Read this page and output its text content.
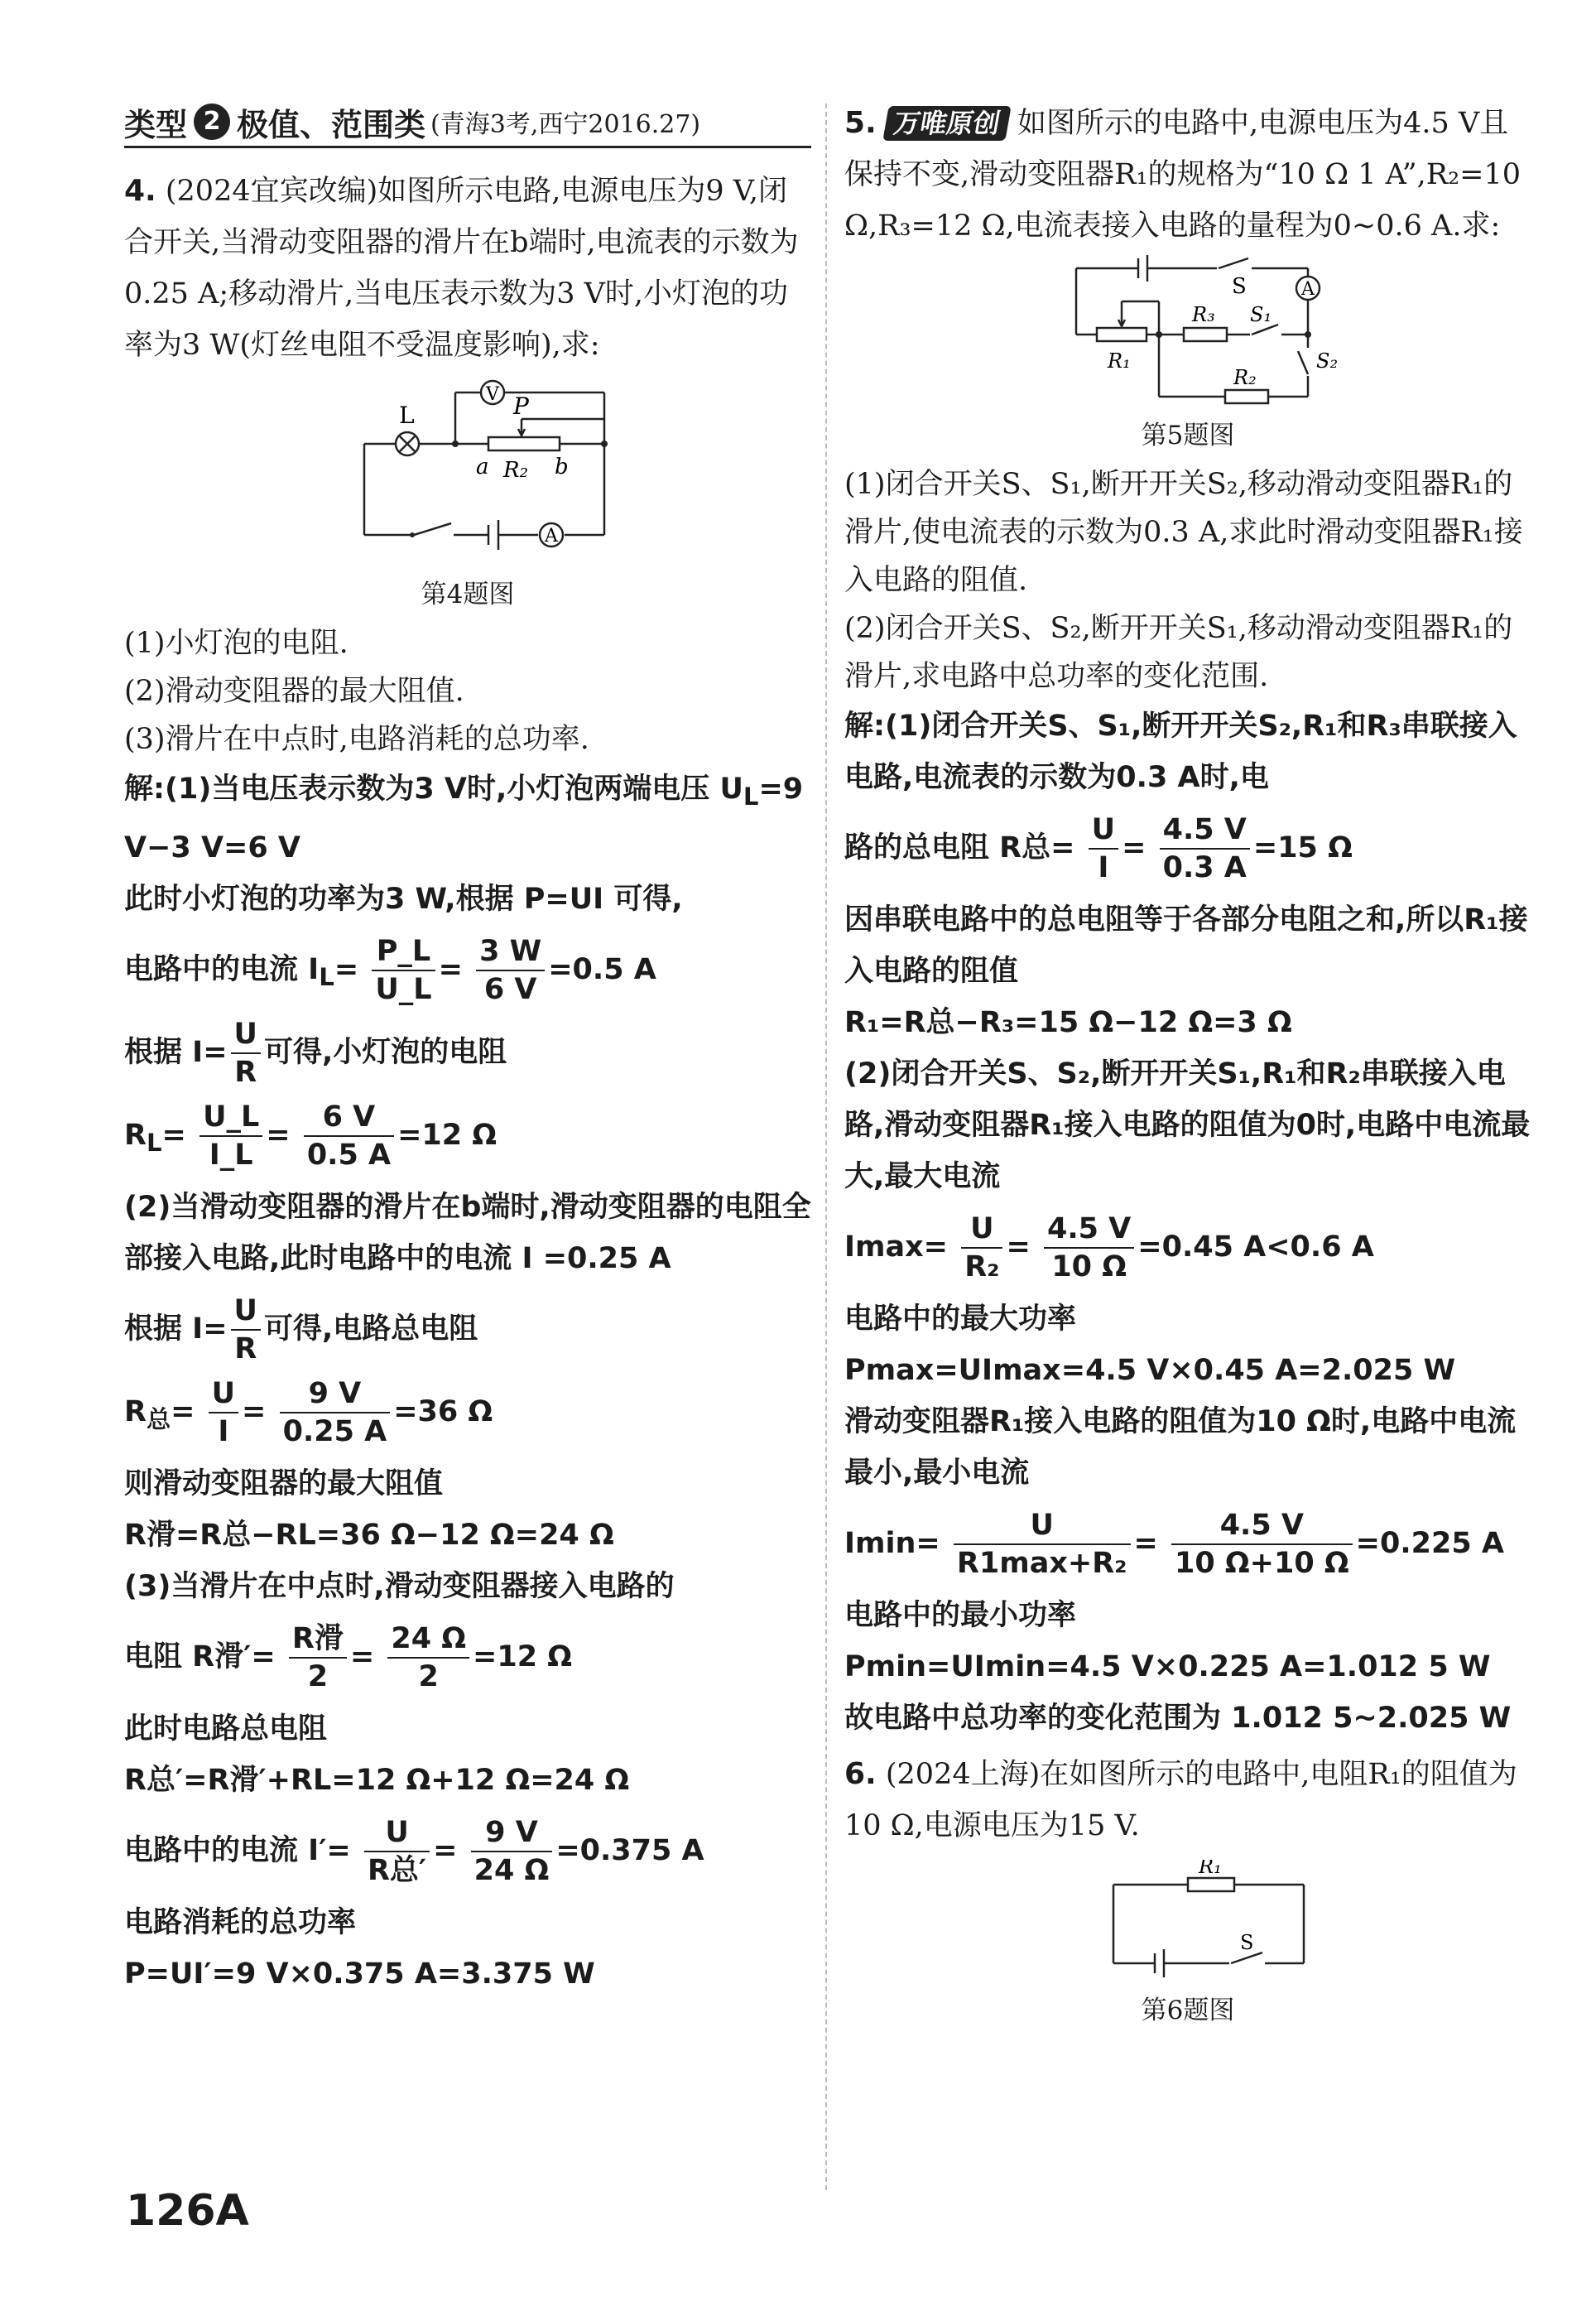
类型 2 极值、范围类 (青海3考,西宁2016.27)

4. (2024宜宾改编)如图所示电路,电源电压为9 V,闭合开关,当滑动变阻器的滑片在b端时,电流表的示数为0.25 A;移动滑片,当电压表示数为3 V时,小灯泡的功率为3 W(灯丝电阻不受温度影响),求:

L
V P
a R₂ b
A

第4题图

(1)小灯泡的电阻.

(2)滑动变阻器的最大阻值.

(3)滑片在中点时,电路消耗的总功率.

解:(1)当电压表示数为3 V时,小灯泡两端电压 $U_L=9$ V−3 V=6 V

此时小灯泡的功率为3 W,根据 P=UI 可得,

电路中的电流 $I_L= \frac{P\_L}{U\_L} = \frac{3 W}{6 V} =0.5$ A

根据 $I= \frac{U}{R}$ 可得,小灯泡的电阻

$R_L= \frac{U\_L}{I\_L} = \frac{6 V}{0.5 A} =12$ Ω

(2)当滑动变阻器的滑片在b端时,滑动变阻器的电阻全部接入电路,此时电路中的电流 I =0.25 A

根据 $I= \frac{U}{R}$ 可得,电路总电阻

$R_总= \frac{U}{I} = \frac{9 V}{0.25 A} =36$ Ω

则滑动变阻器的最大阻值

R滑=R总−RL=36 Ω−12 Ω=24 Ω

(3)当滑片在中点时,滑动变阻器接入电路的

电阻 R滑′= $\frac{\text{R滑}}{2} = \frac{24 \Omega}{2} =12$ Ω

此时电路总电阻

R总′=R滑′+RL=12 Ω+12 Ω=24 Ω

电路中的电流 $I'= \frac{U}{\text{R总′}} = \frac{9 V}{24 \Omega} =0.375$ A

电路消耗的总功率

P=UI′=9 V×0.375 A=3.375 W

5. 万唯原创 如图所示的电路中,电源电压为4.5 V且保持不变,滑动变阻器R₁的规格为“10 Ω 1 A”,R₂=10 Ω,R₃=12 Ω,电流表接入电路的量程为0~0.6 A.求:

S
R₃ S₁
A
R₁
R₂
S₂

第5题图

(1)闭合开关S、S₁,断开开关S₂,移动滑动变阻器R₁的滑片,使电流表的示数为0.3 A,求此时滑动变阻器R₁接入电路的阻值.

(2)闭合开关S、S₂,断开开关S₁,移动滑动变阻器R₁的滑片,求电路中总功率的变化范围.

解:(1)闭合开关S、S₁,断开开关S₂,R₁和R₃串联接入电路,电流表的示数为0.3 A时,电

路的总电阻 R总= $\frac{U}{I} = \frac{4.5 V}{0.3 A} =15$ Ω

因串联电路中的总电阻等于各部分电阻之和,所以R₁接入电路的阻值

R₁=R总−R₃=15 Ω−12 Ω=3 Ω

(2)闭合开关S、S₂,断开开关S₁,R₁和R₂串联接入电路,滑动变阻器R₁接入电路的阻值为0时,电路中电流最大,最大电流

$Imax= \frac{U}{\text{R₂}} = \frac{4.5 V}{10 \Omega} =0.45$ A<0.6 A

电路中的最大功率

Pmax=UImax=4.5 V×0.45 A=2.025 W

滑动变阻器R₁接入电路的阻值为10 Ω时,电路中电流最小,最小电流

$Imin= \frac{U}{\text{R1max+R₂}} = \frac{4.5 V}{10 \Omega+10 \Omega} =0.225$ A

电路中的最小功率

Pmin=UImin=4.5 V×0.225 A=1.012 5 W

故电路中总功率的变化范围为 1.012 5~2.025 W

6. (2024上海)在如图所示的电路中,电阻R₁的阻值为10 Ω,电源电压为15 V.

R₁
S

第6题图

126A
